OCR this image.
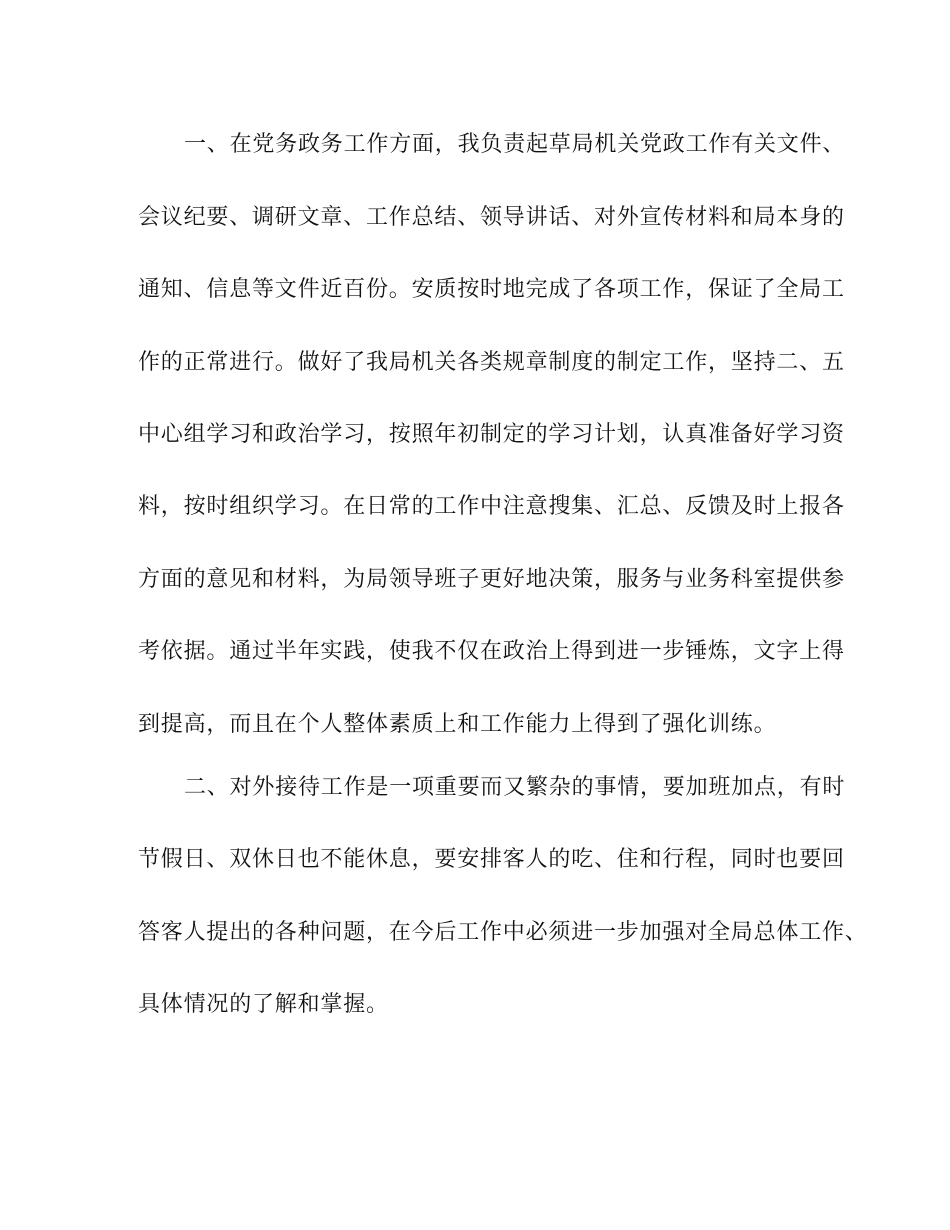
一、在党务政务工作方面，我负责起草局机关党政工作有关文件、
会议纪要、调研文章、工作总结、领导讲话、对外宣传材料和局本身的
通知、信息等文件近百份。安质按时地完成了各项工作，保证了全局工
作的正常进行。做好了我局机关各类规章制度的制定工作，坚持二、五
中心组学习和政治学习，按照年初制定的学习计划，认真准备好学习资
料，按时组织学习。在日常的工作中注意搜集、汇总、反馈及时上报各
方面的意见和材料，为局领导班子更好地决策，服务与业务科室提供参
考依据。通过半年实践，使我不仅在政治上得到进一步锤炼，文字上得
到提高，而且在个人整体素质上和工作能力上得到了强化训练。
二、对外接待工作是一项重要而又繁杂的事情，要加班加点，有时
节假日、双休日也不能休息，要安排客人的吃、住和行程，同时也要回
答客人提出的各种问题，在今后工作中必须进一步加强对全局总体工作、
具体情况的了解和掌握。
